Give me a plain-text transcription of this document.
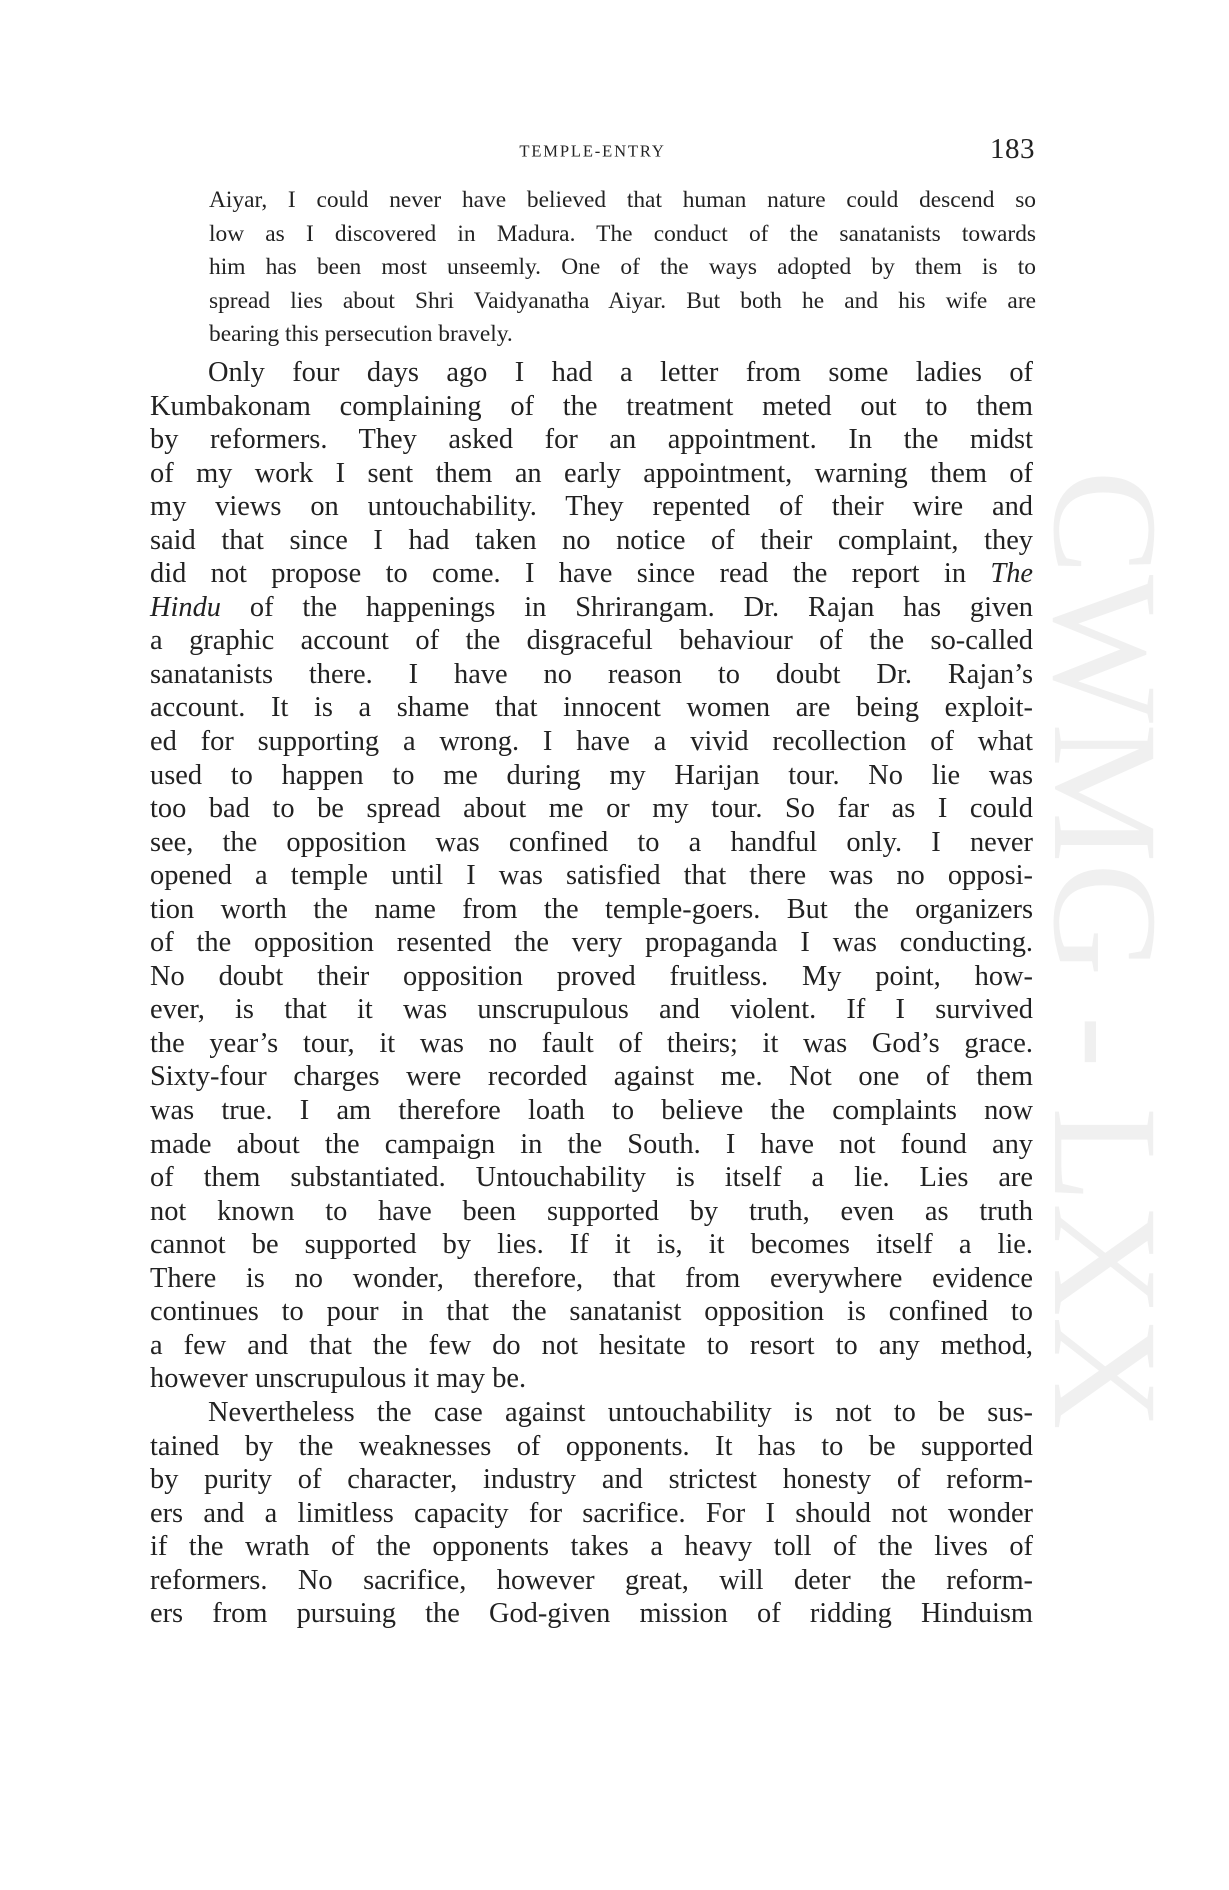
CWMG - LXX
TEMPLE-ENTRY	183
Aiyar, I could never have believed that human nature could descend so
low as I discovered in Madura. The conduct of the sanatanists towards
him has been most unseemly. One of the ways adopted by them is to
spread lies about Shri Vaidyanatha Aiyar. But both he and his wife are
bearing this persecution bravely.
Only four days ago I had a letter from some ladies of
Kumbakonam complaining of the treatment meted out to them
by reformers. They asked for an appointment. In the midst
of my work I sent them an early appointment, warning them of
my views on untouchability. They repented of their wire and
said that since I had taken no notice of their complaint, they
did not propose to come. I have since read the report in The
Hindu of the happenings in Shrirangam. Dr. Rajan has given
a graphic account of the disgraceful behaviour of the so-called
sanatanists there. I have no reason to doubt Dr. Rajan’s
account. It is a shame that innocent women are being exploit-
ed for supporting a wrong. I have a vivid recollection of what
used to happen to me during my Harijan tour. No lie was
too bad to be spread about me or my tour. So far as I could
see, the opposition was confined to a handful only. I never
opened a temple until I was satisfied that there was no opposi-
tion worth the name from the temple-goers. But the organizers
of the opposition resented the very propaganda I was conducting.
No doubt their opposition proved fruitless. My point, how-
ever, is that it was unscrupulous and violent. If I survived
the year’s tour, it was no fault of theirs; it was God’s grace.
Sixty-four charges were recorded against me. Not one of them
was true. I am therefore loath to believe the complaints now
made about the campaign in the South. I have not found any
of them substantiated. Untouchability is itself a lie. Lies are
not known to have been supported by truth, even as truth
cannot be supported by lies. If it is, it becomes itself a lie.
There is no wonder, therefore, that from everywhere evidence
continues to pour in that the sanatanist opposition is confined to
a few and that the few do not hesitate to resort to any method,
however unscrupulous it may be.
Nevertheless the case against untouchability is not to be sus-
tained by the weaknesses of opponents. It has to be supported
by purity of character, industry and strictest honesty of reform-
ers and a limitless capacity for sacrifice. For I should not wonder
if the wrath of the opponents takes a heavy toll of the lives of
reformers. No sacrifice, however great, will deter the reform-
ers from pursuing the God-given mission of ridding Hinduism
